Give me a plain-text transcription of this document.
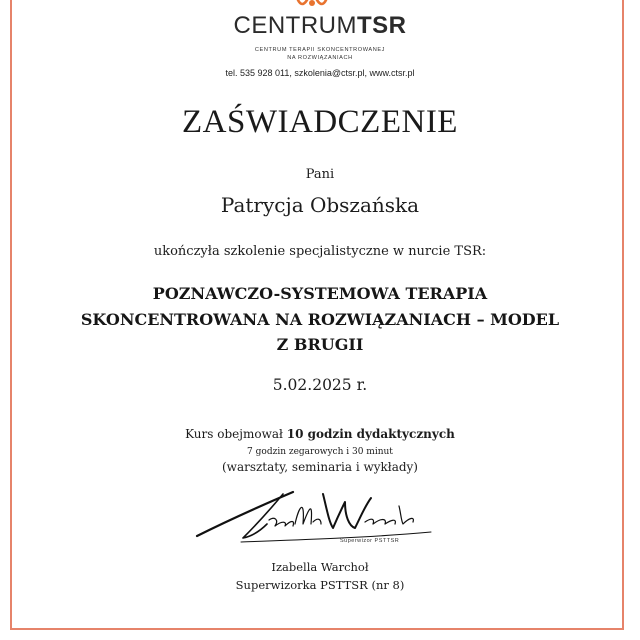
CENTRUMTSR
CENTRUM TERAPII SKONCENTROWANEJ
NA ROZWIĄZANIACH
tel. 535 928 011, szkolenia@ctsr.pl, www.ctsr.pl
ZAŚWIADCZENIE
Pani
Patrycja Obszańska
ukończyła szkolenie specjalistyczne w nurcie TSR:
POZNAWCZO-SYSTEMOWA TERAPIA
SKONCENTROWANA NA ROZWIĄZANIACH – MODEL
Z BRUGII
5.02.2025 r.
Kurs obejmował 10 godzin dydaktycznych
7 godzin zegarowych i 30 minut
(warsztaty, seminaria i wykłady)
Superwizor PSTTSR
Izabella Warchoł
Superwizorka PSTTSR (nr 8)
